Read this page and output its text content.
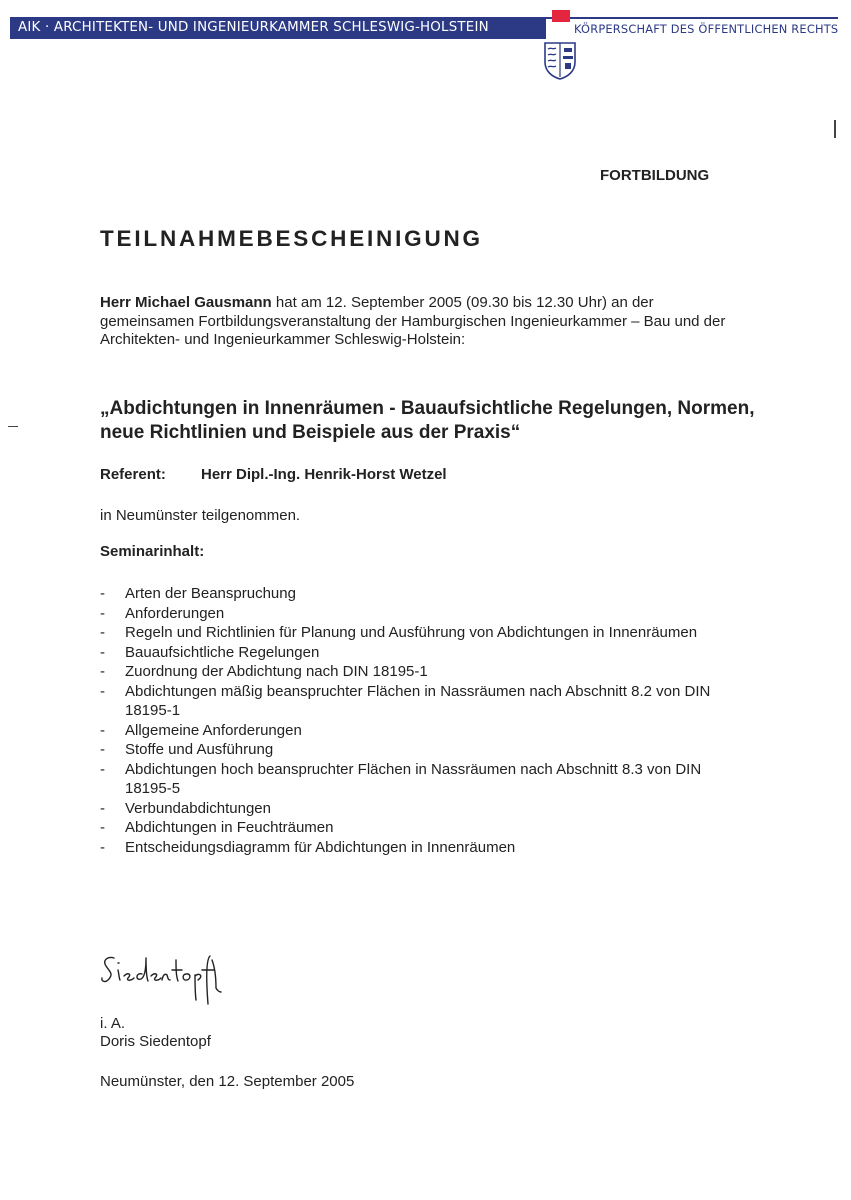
AIK · ARCHITEKTEN- UND INGENIEURKAMMER SCHLESWIG-HOLSTEIN	KÖRPERSCHAFT DES ÖFFENTLICHEN RECHTS
FORTBILDUNG
TEILNAHMEBESCHEINIGUNG
Herr Michael Gausmann hat am 12. September 2005 (09.30 bis 12.30 Uhr) an der gemeinsamen Fortbildungsveranstaltung der Hamburgischen Ingenieurkammer – Bau und der Architekten- und Ingenieurkammer Schleswig-Holstein:
„Abdichtungen in Innenräumen - Bauaufsichtliche Regelungen, Normen, neue Richtlinien und Beispiele aus der Praxis“
Referent: Herr Dipl.-Ing. Henrik-Horst Wetzel
in Neumünster teilgenommen.
Seminarinhalt:
- Arten der Beanspruchung
- Anforderungen
- Regeln und Richtlinien für Planung und Ausführung von Abdichtungen in Innenräumen
- Bauaufsichtliche Regelungen
- Zuordnung der Abdichtung nach DIN 18195-1
- Abdichtungen mäßig beanspruchter Flächen in Nassräumen nach Abschnitt 8.2 von DIN 18195-1
- Allgemeine Anforderungen
- Stoffe und Ausführung
- Abdichtungen hoch beanspruchter Flächen in Nassräumen nach Abschnitt 8.3 von DIN 18195-5
- Verbundabdichtungen
- Abdichtungen in Feuchträumen
- Entscheidungsdiagramm für Abdichtungen in Innenräumen
i. A.
Doris Siedentopf
Neumünster, den 12. September 2005
